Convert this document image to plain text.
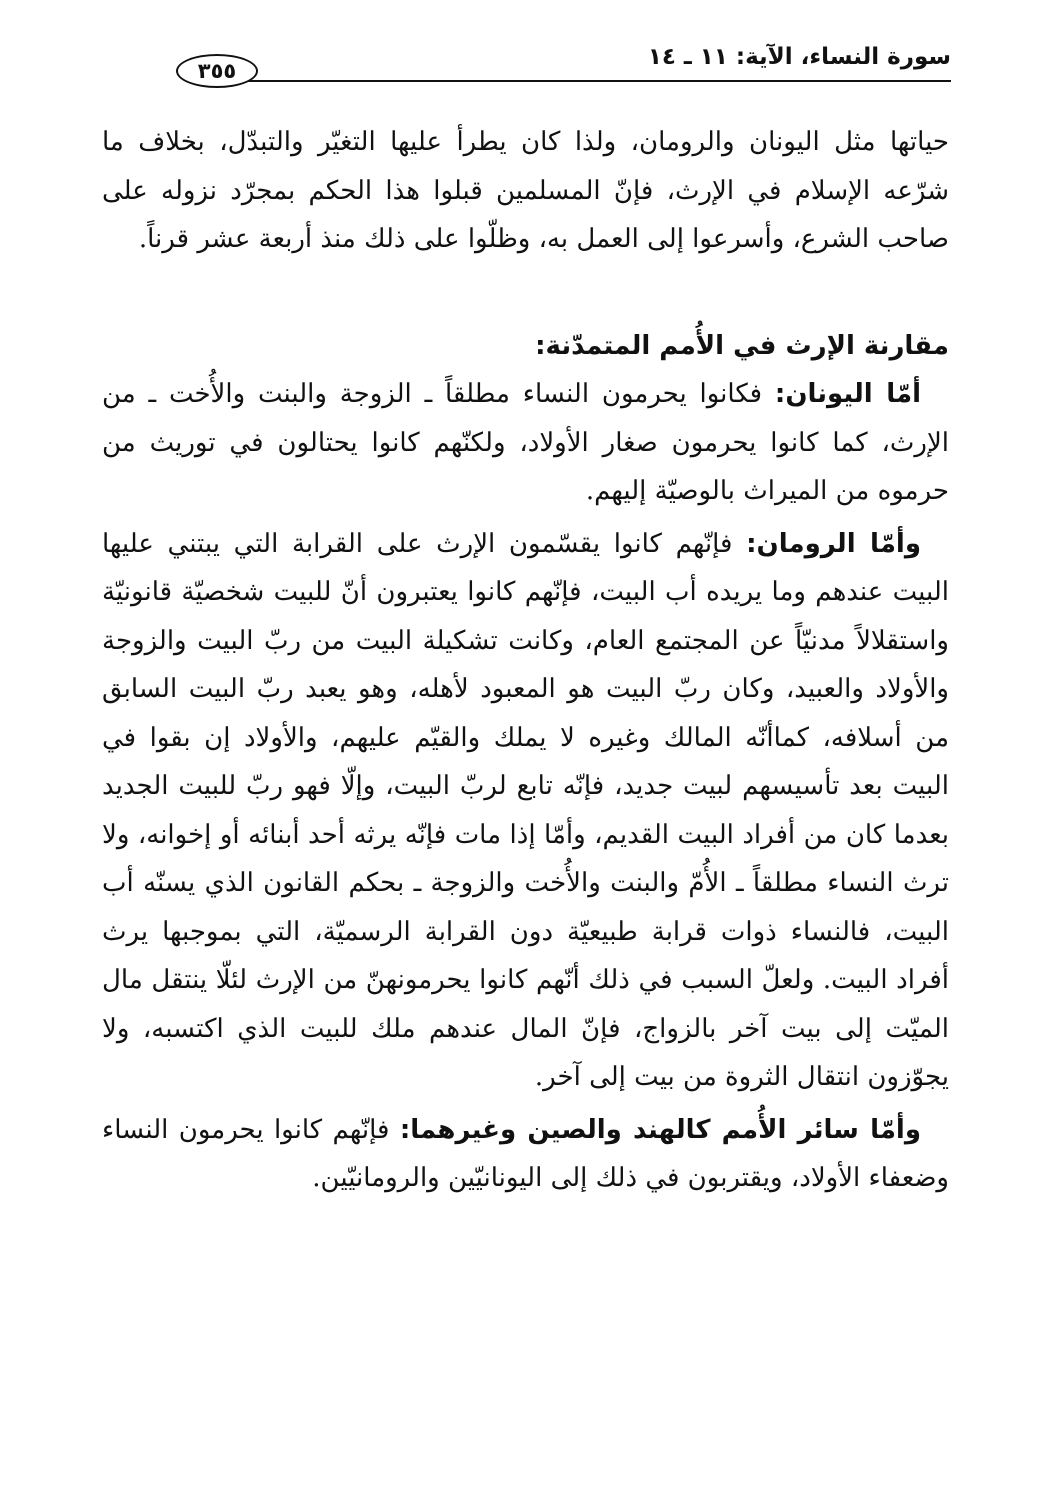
سورة النساء، الآية: ١١ ـ ١٤
٣٥٥

حياتها مثل اليونان والرومان، ولذا كان يطرأ عليها التغيّر والتبدّل، بخلاف ما شرّعه الإسلام في الإرث، فإنّ المسلمين قبلوا هذا الحكم بمجرّد نزوله على صاحب الشرع، وأسرعوا إلى العمل به، وظلّوا على ذلك منذ أربعة عشر قرناً.

مقارنة الإرث في الأُمم المتمدّنة:

أمّا اليونان: فكانوا يحرمون النساء مطلقاً ـ الزوجة والبنت والأُخت ـ من الإرث، كما كانوا يحرمون صغار الأولاد، ولكنّهم كانوا يحتالون في توريث من حرموه من الميراث بالوصيّة إليهم.

وأمّا الرومان: فإنّهم كانوا يقسّمون الإرث على القرابة التي يبتني عليها البيت عندهم وما يريده أب البيت، فإنّهم كانوا يعتبرون أنّ للبيت شخصيّة قانونيّة واستقلالاً مدنيّاً عن المجتمع العام، وكانت تشكيلة البيت من ربّ البيت والزوجة والأولاد والعبيد، وكان ربّ البيت هو المعبود لأهله، وهو يعبد ربّ البيت السابق من أسلافه، كماأنّه المالك وغيره لا يملك والقيّم عليهم، والأولاد إن بقوا في البيت بعد تأسيسهم لبيت جديد، فإنّه تابع لربّ البيت، وإلّا فهو ربّ للبيت الجديد بعدما كان من أفراد البيت القديم، وأمّا إذا مات فإنّه يرثه أحد أبنائه أو إخوانه، ولا ترث النساء مطلقاً ـ الأُمّ والبنت والأُخت والزوجة ـ بحكم القانون الذي يسنّه أب البيت، فالنساء ذوات قرابة طبيعيّة دون القرابة الرسميّة، التي بموجبها يرث أفراد البيت. ولعلّ السبب في ذلك أنّهم كانوا يحرمونهنّ من الإرث لئلّا ينتقل مال الميّت إلى بيت آخر بالزواج، فإنّ المال عندهم ملك للبيت الذي اكتسبه، ولا يجوّزون انتقال الثروة من بيت إلى آخر.

وأمّا سائر الأُمم كالهند والصين وغيرهما: فإنّهم كانوا يحرمون النساء وضعفاء الأولاد، ويقتربون في ذلك إلى اليونانيّين والرومانيّين.
